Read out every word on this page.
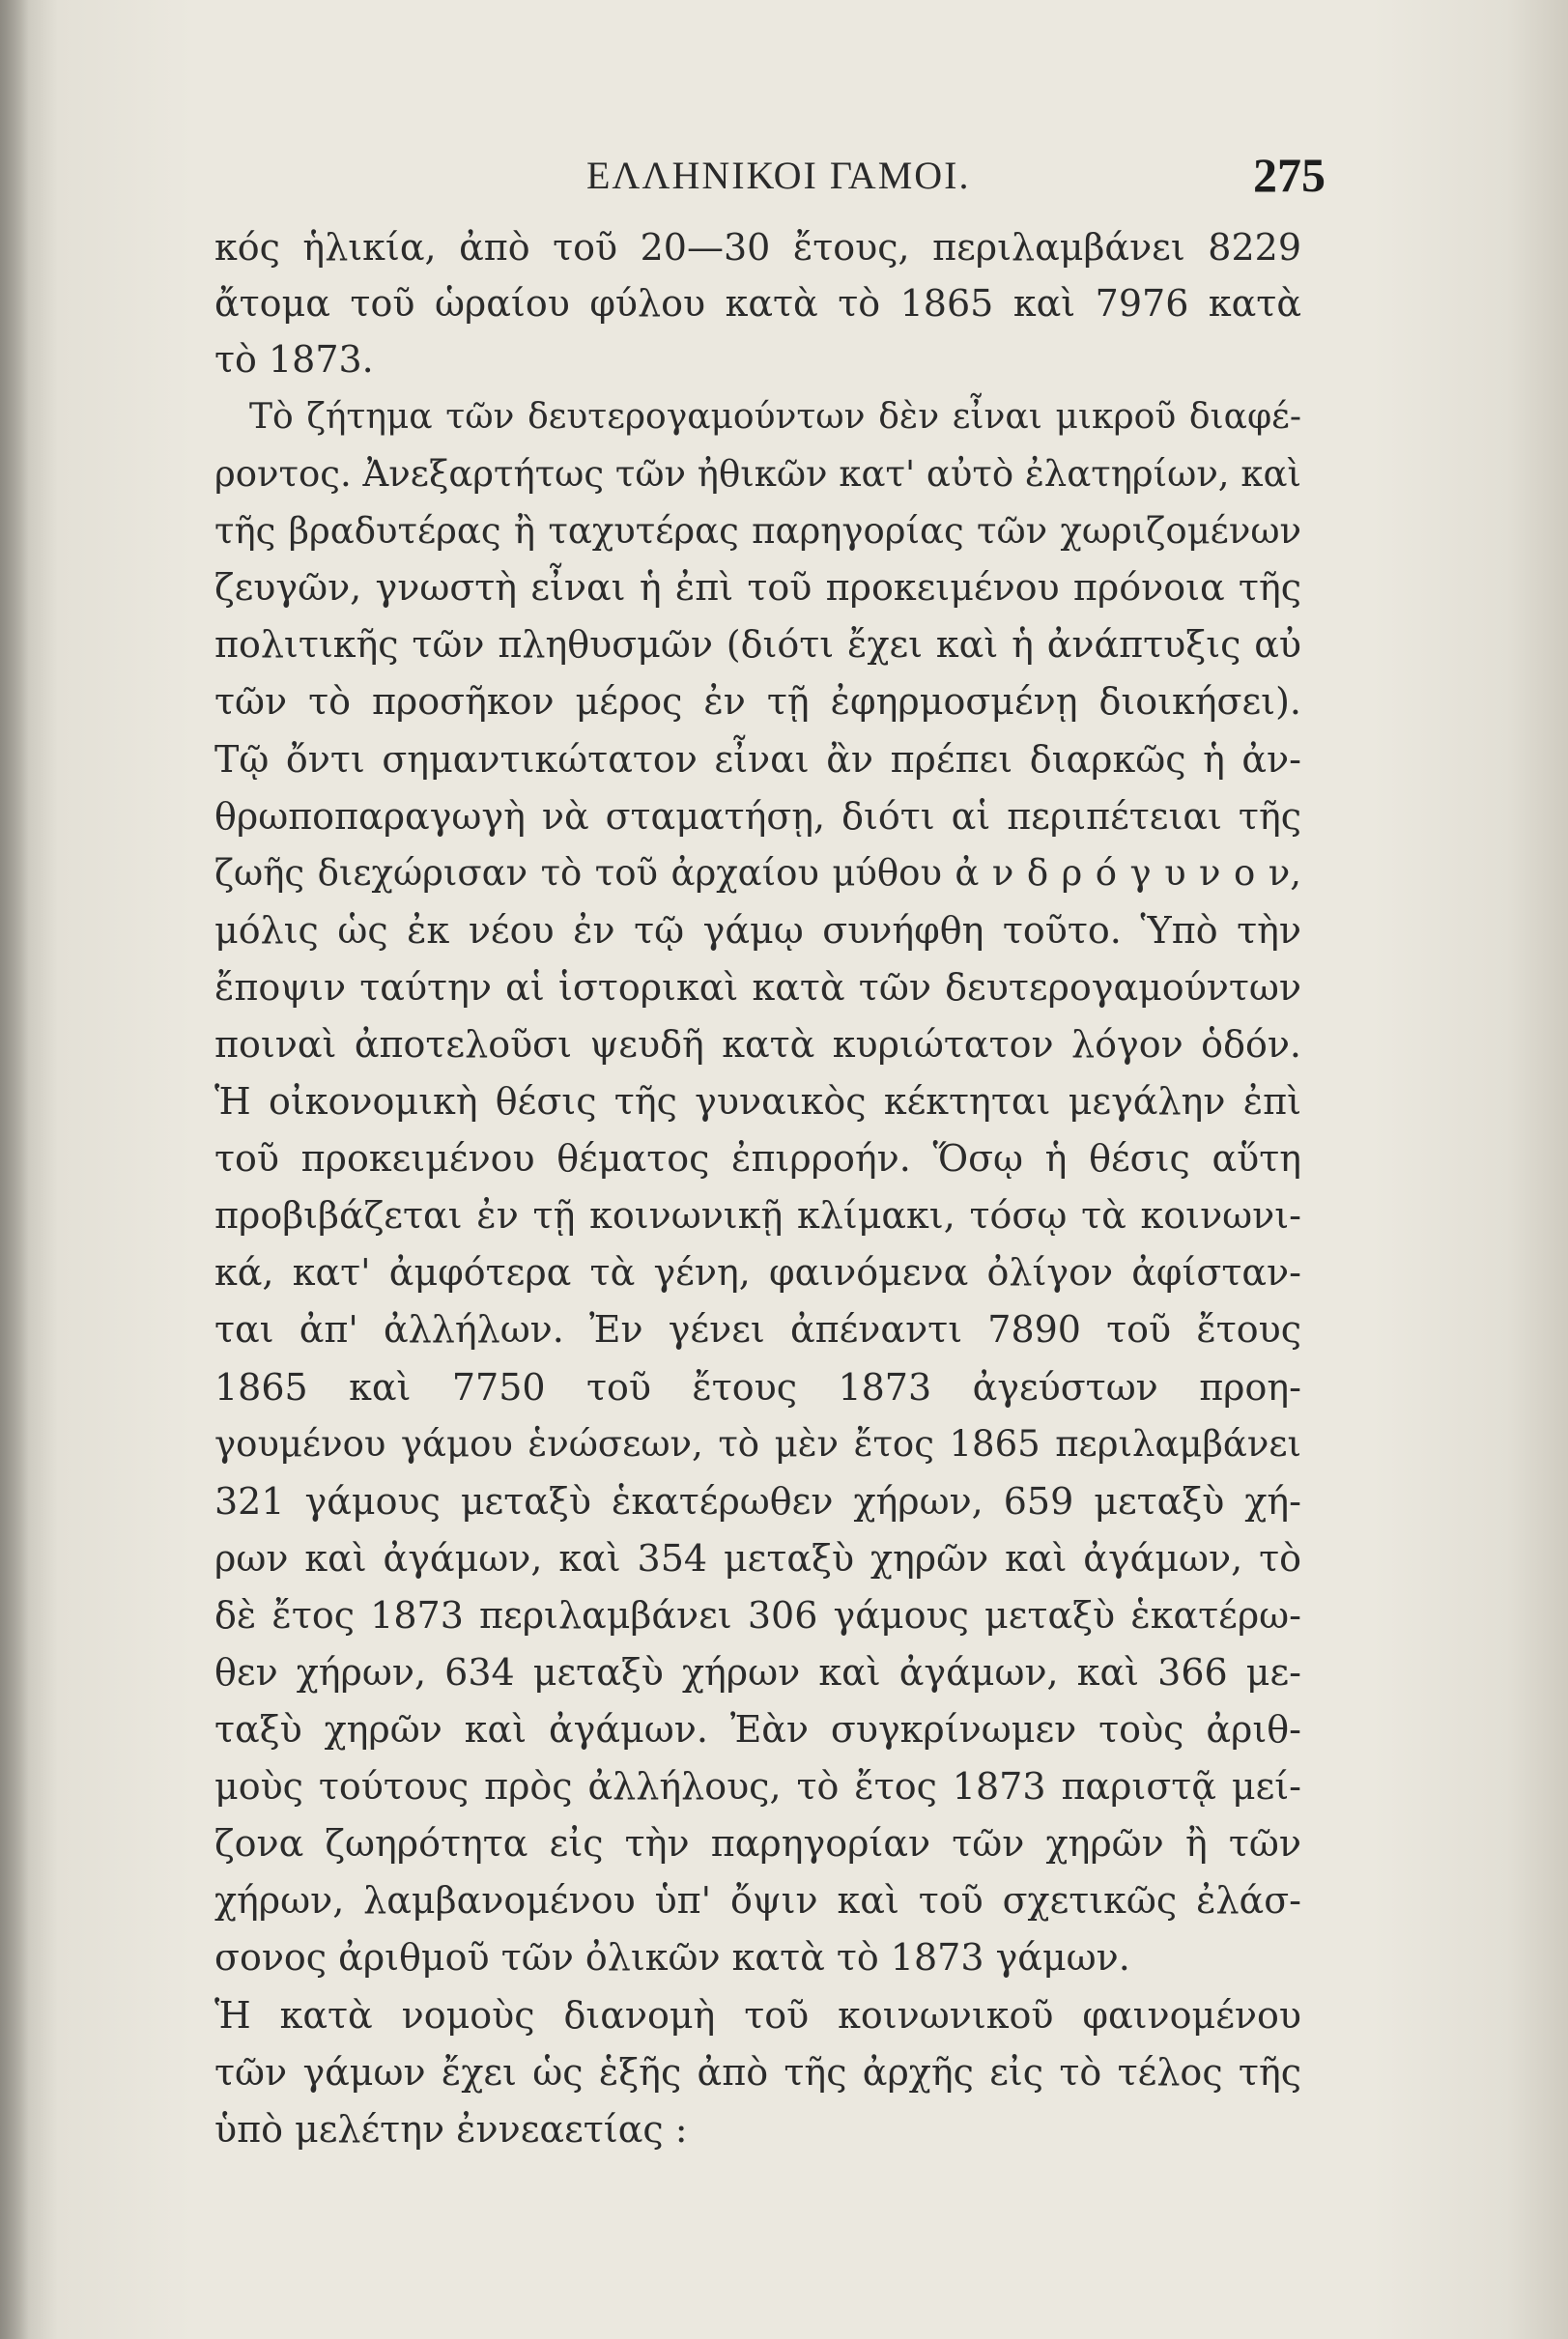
ΕΛΛΗΝΙΚΟΙ ΓΑΜΟΙ.	275
κός ἡλικία, ἀπὸ τοῦ 20—30 ἔτους, περιλαμβάνει 8229
ἄτομα τοῦ ὡραίου φύλου κατὰ τὸ 1865 καὶ 7976 κατὰ
τὸ 1873.
Τὸ ζήτημα τῶν δευτερογαμούντων δὲν εἶναι μικροῦ διαφέ-
ροντος. Ἀνεξαρτήτως τῶν ἠθικῶν κατ' αὐτὸ ἐλατηρίων, καὶ
τῆς βραδυτέρας ἢ ταχυτέρας παρηγορίας τῶν χωριζομένων
ζευγῶν, γνωστὴ εἶναι ἡ ἐπὶ τοῦ προκειμένου πρόνοια τῆς
πολιτικῆς τῶν πληθυσμῶν (διότι ἔχει καὶ ἡ ἀνάπτυξις αὐ
τῶν τὸ προσῆκον μέρος ἐν τῇ ἐφηρμοσμένῃ διοικήσει).
Τῷ ὄντι σημαντικώτατον εἶναι ἂν πρέπει διαρκῶς ἡ ἀν-
θρωποπαραγωγὴ νὰ σταματήσῃ, διότι αἱ περιπέτειαι τῆς
ζωῆς διεχώρισαν τὸ τοῦ ἀρχαίου μύθου ἀ ν δ ρ ό γ υ ν ο ν,
μόλις ὡς ἐκ νέου ἐν τῷ γάμῳ συνήφθη τοῦτο. Ὑπὸ τὴν
ἔποψιν ταύτην αἱ ἱστορικαὶ κατὰ τῶν δευτερογαμούντων
ποιναὶ ἀποτελοῦσι ψευδῆ κατὰ κυριώτατον λόγον ὁδόν.
Ἡ οἰκονομικὴ θέσις τῆς γυναικὸς κέκτηται μεγάλην ἐπὶ
τοῦ προκειμένου θέματος ἐπιρροήν. Ὅσῳ ἡ θέσις αὕτη
προβιβάζεται ἐν τῇ κοινωνικῇ κλίμακι, τόσῳ τὰ κοινωνι-
κά, κατ' ἀμφότερα τὰ γένη, φαινόμενα ὀλίγον ἀφίσταν-
ται ἀπ' ἀλλήλων. Ἐν γένει ἀπέναντι 7890 τοῦ ἔτους
1865 καὶ 7750 τοῦ ἔτους 1873 ἀγεύστων προη-
γουμένου γάμου ἑνώσεων, τὸ μὲν ἔτος 1865 περιλαμβάνει
321 γάμους μεταξὺ ἑκατέρωθεν χήρων, 659 μεταξὺ χή-
ρων καὶ ἀγάμων, καὶ 354 μεταξὺ χηρῶν καὶ ἀγάμων, τὸ
δὲ ἔτος 1873 περιλαμβάνει 306 γάμους μεταξὺ ἑκατέρω-
θεν χήρων, 634 μεταξὺ χήρων καὶ ἀγάμων, καὶ 366 με-
ταξὺ χηρῶν καὶ ἀγάμων. Ἐὰν συγκρίνωμεν τοὺς ἀριθ-
μοὺς τούτους πρὸς ἀλλήλους, τὸ ἔτος 1873 παριστᾷ μεί-
ζονα ζωηρότητα εἰς τὴν παρηγορίαν τῶν χηρῶν ἢ τῶν
χήρων, λαμβανομένου ὑπ' ὄψιν καὶ τοῦ σχετικῶς ἐλάσ-
σονος ἀριθμοῦ τῶν ὀλικῶν κατὰ τὸ 1873 γάμων.
Ἡ κατὰ νομοὺς διανομὴ τοῦ κοινωνικοῦ φαινομένου
τῶν γάμων ἔχει ὡς ἑξῆς ἀπὸ τῆς ἀρχῆς εἰς τὸ τέλος τῆς
ὑπὸ μελέτην ἐννεαετίας :
